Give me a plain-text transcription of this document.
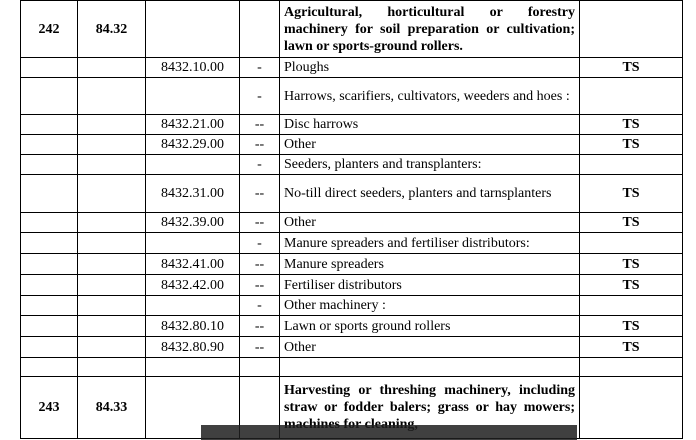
242	84.32			Agricultural, horticultural or forestry machinery for soil preparation or cultivation; lawn or sports-ground rollers.	
		8432.10.00	-	Ploughs	TS
			-	Harrows, scarifiers, cultivators, weeders and hoes :	
		8432.21.00	--	Disc harrows	TS
		8432.29.00	--	Other	TS
			-	Seeders, planters and transplanters:	
		8432.31.00	--	No-till direct seeders, planters and tarnsplanters	TS
		8432.39.00	--	Other	TS
			-	Manure spreaders and fertiliser distributors:	
		8432.41.00	--	Manure spreaders	TS
		8432.42.00	--	Fertiliser distributors	TS
			-	Other machinery :	
		8432.80.10	--	Lawn or sports ground rollers	TS
		8432.80.90	--	Other	TS

243	84.33			Harvesting or threshing machinery, including straw or fodder balers; grass or hay mowers;	
